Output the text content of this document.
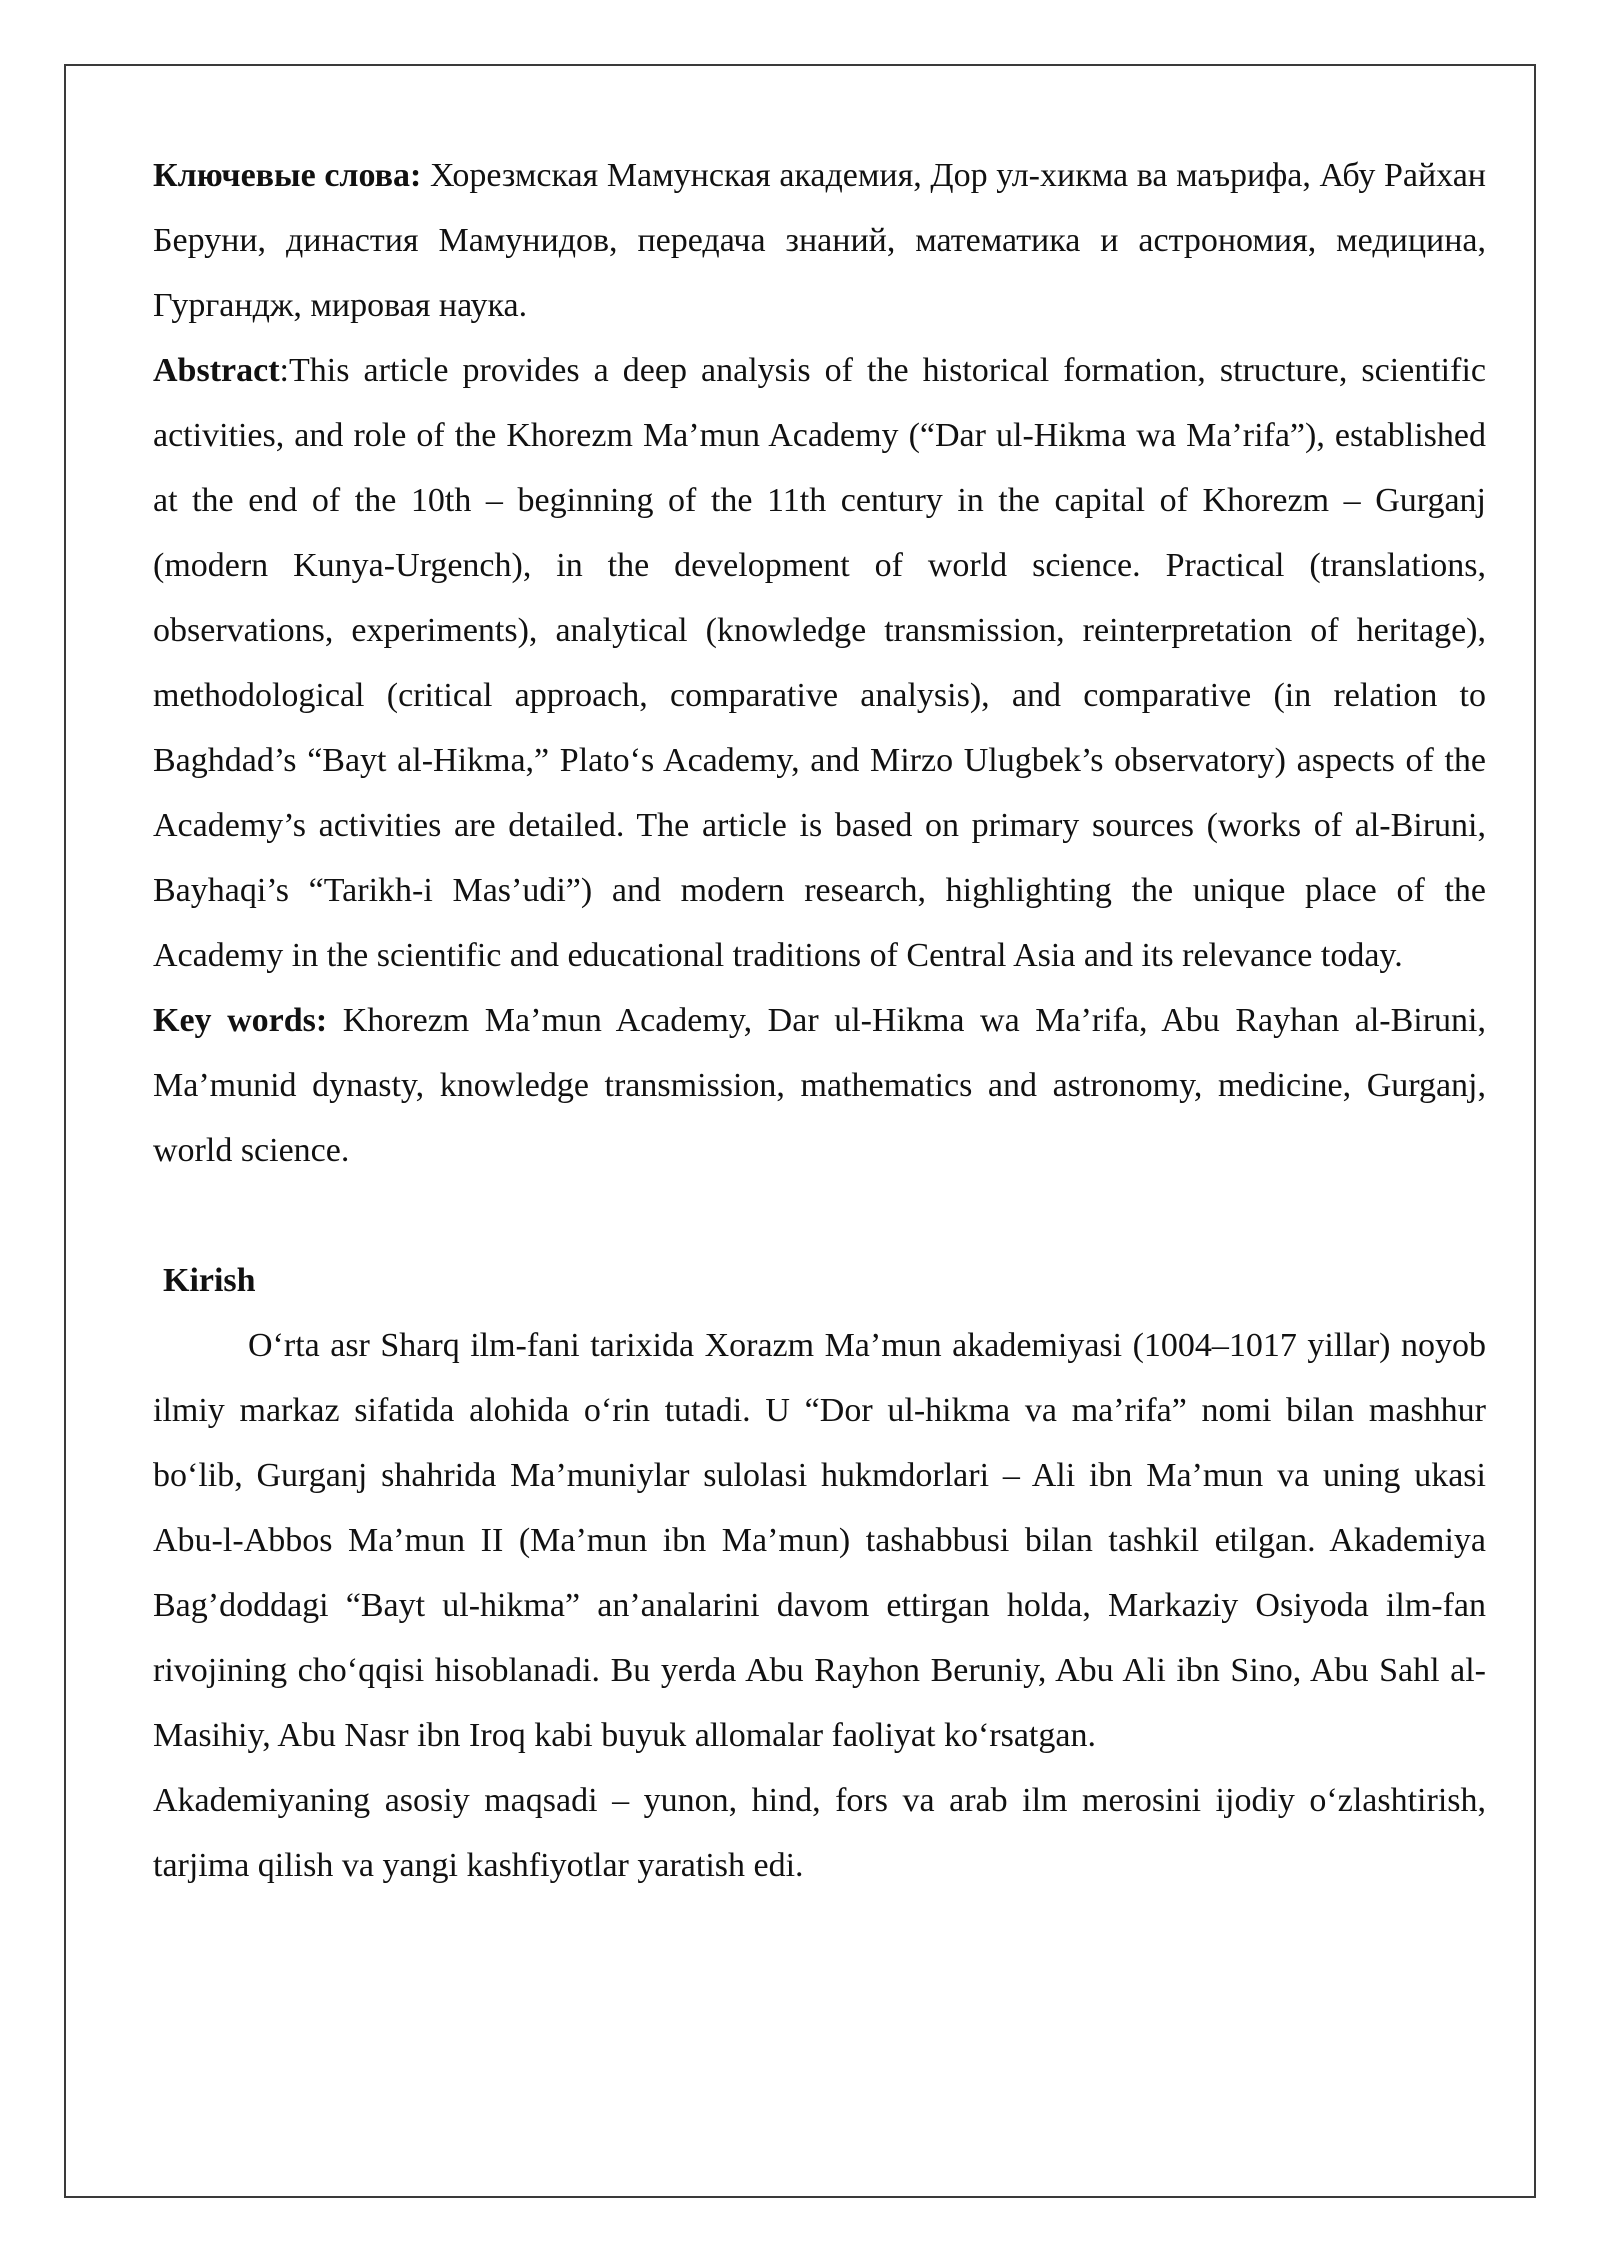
Ключевые слова: Хорезмская Мамунская академия, Дор ул-хикма ва маърифа, Абу Райхан Беруни, династия Мамунидов, передача знаний, математика и астрономия, медицина, Гургандж, мировая наука.

Abstract:This article provides a deep analysis of the historical formation, structure, scientific activities, and role of the Khorezm Ma’mun Academy (“Dar ul-Hikma wa Ma’rifa”), established at the end of the 10th – beginning of the 11th century in the capital of Khorezm – Gurganj (modern Kunya-Urgench), in the development of world science. Practical (translations, observations, experiments), analytical (knowledge transmission, reinterpretation of heritage), methodological (critical approach, comparative analysis), and comparative (in relation to Baghdad’s “Bayt al-Hikma,” Plato‘s Academy, and Mirzo Ulugbek’s observatory) aspects of the Academy’s activities are detailed. The article is based on primary sources (works of al-Biruni, Bayhaqi’s “Tarikh-i Mas’udi”) and modern research, highlighting the unique place of the Academy in the scientific and educational traditions of Central Asia and its relevance today.

Key words: Khorezm Ma’mun Academy, Dar ul-Hikma wa Ma’rifa, Abu Rayhan al-Biruni, Ma’munid dynasty, knowledge transmission, mathematics and astronomy, medicine, Gurganj, world science.

Kirish

O‘rta asr Sharq ilm-fani tarixida Xorazm Ma’mun akademiyasi (1004–1017 yillar) noyob ilmiy markaz sifatida alohida o‘rin tutadi. U “Dor ul-hikma va ma’rifa” nomi bilan mashhur bo‘lib, Gurganj shahrida Ma’muniylar sulolasi hukmdorlari – Ali ibn Ma’mun va uning ukasi Abu-l-Abbos Ma’mun II (Ma’mun ibn Ma’mun) tashabbusi bilan tashkil etilgan. Akademiya Bag’doddagi “Bayt ul-hikma” an’analarini davom ettirgan holda, Markaziy Osiyoda ilm-fan rivojining cho‘qqisi hisoblanadi. Bu yerda Abu Rayhon Beruniy, Abu Ali ibn Sino, Abu Sahl al-Masihiy, Abu Nasr ibn Iroq kabi buyuk allomalar faoliyat ko‘rsatgan.

Akademiyaning asosiy maqsadi – yunon, hind, fors va arab ilm merosini ijodiy o‘zlashtirish, tarjima qilish va yangi kashfiyotlar yaratish edi.
